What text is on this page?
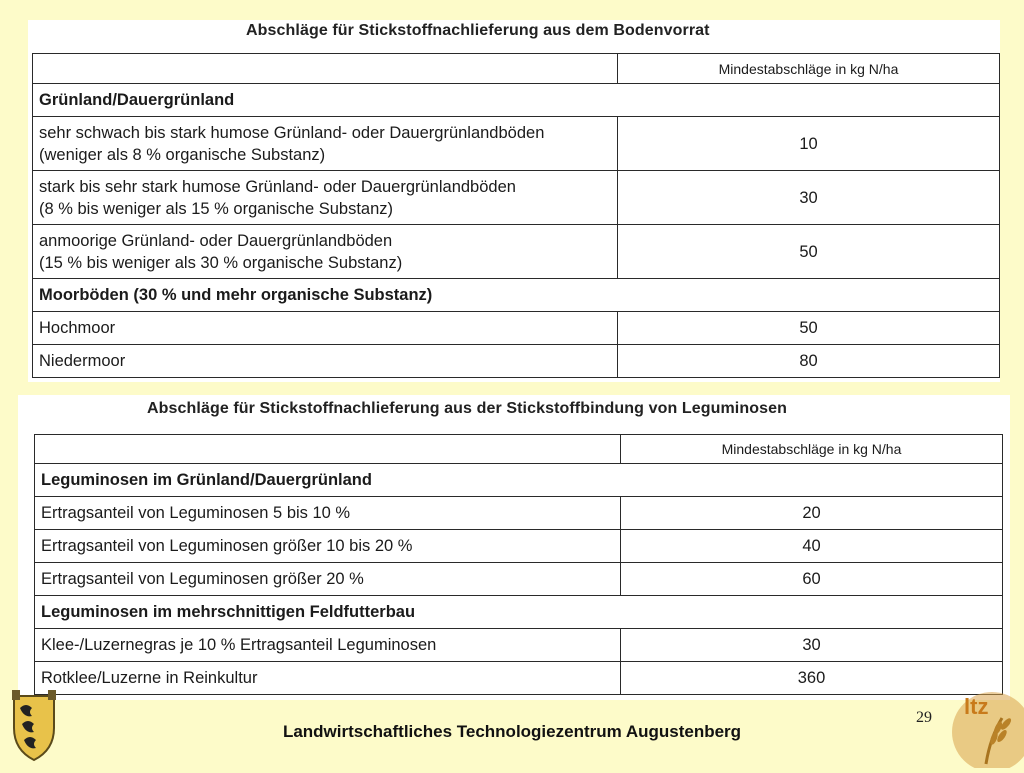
Abschläge für Stickstoffnachlieferung aus dem Bodenvorrat
	Mindestabschläge in kg N/ha
Grünland/Dauergrünland	
sehr schwach bis stark humose Grünland- oder Dauergrünlandböden
(weniger als 8 % organische Substanz)	10
stark bis sehr stark humose Grünland- oder Dauergrünlandböden
(8 % bis weniger als 15 % organische Substanz)	30
anmoorige Grünland- oder Dauergrünlandböden
(15 % bis weniger als 30 % organische Substanz)	50
Moorböden (30 % und mehr organische Substanz)	
Hochmoor	50
Niedermoor	80
Abschläge für Stickstoffnachlieferung aus der Stickstoffbindung von Leguminosen
	Mindestabschläge in kg N/ha
Leguminosen im Grünland/Dauergrünland	
Ertragsanteil von Leguminosen 5 bis 10 %	20
Ertragsanteil von Leguminosen größer 10 bis 20 %	40
Ertragsanteil von Leguminosen größer 20 %	60
Leguminosen im mehrschnittigen Feldfutterbau	
Klee-/Luzernegras je 10 % Ertragsanteil Leguminosen	30
Rotklee/Luzerne in Reinkultur	360
29
Landwirtschaftliches Technologiezentrum Augustenberg
ltz
